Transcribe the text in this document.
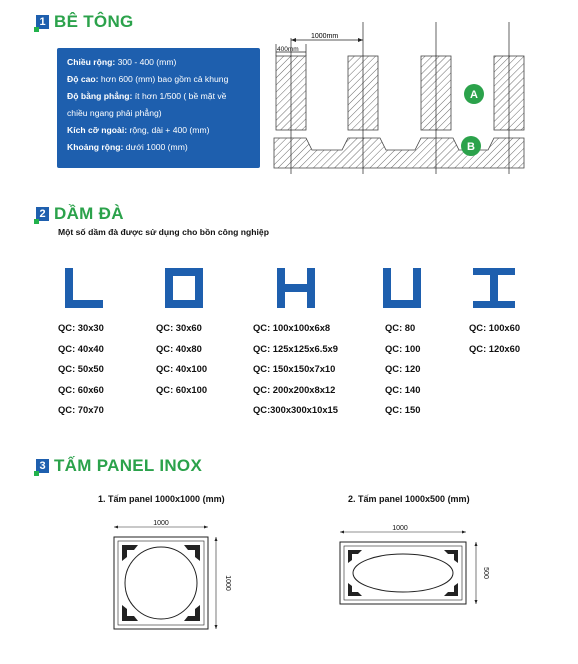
1 BÊ TÔNG
Chiều rộng: 300 - 400 (mm)
Độ cao: hơn 600 (mm) bao gồm cả khung
Độ bằng phẳng: ít hơn 1/500 ( bề mặt về
chiều ngang phải phẳng)
Kích cỡ ngoài: rộng, dài + 400 (mm)
Khoảng rộng: dưới 1000 (mm)
1000mm
400mm
A
B
2 DẦM ĐÀ
Một số dầm đà được sử dụng cho bồn công nghiệp
QC: 30x30
QC: 40x40
QC: 50x50
QC: 60x60
QC: 70x70
QC: 30x60
QC: 40x80
QC: 40x100
QC: 60x100
QC: 100x100x6x8
QC: 125x125x6.5x9
QC: 150x150x7x10
QC: 200x200x8x12
QC:300x300x10x15
QC: 80
QC: 100
QC: 120
QC: 140
QC: 150
QC: 100x60
QC: 120x60
3 TẤM PANEL INOX
1. Tấm panel 1000x1000 (mm)	2. Tấm panel 1000x500 (mm)
1000
1000
1000
500
